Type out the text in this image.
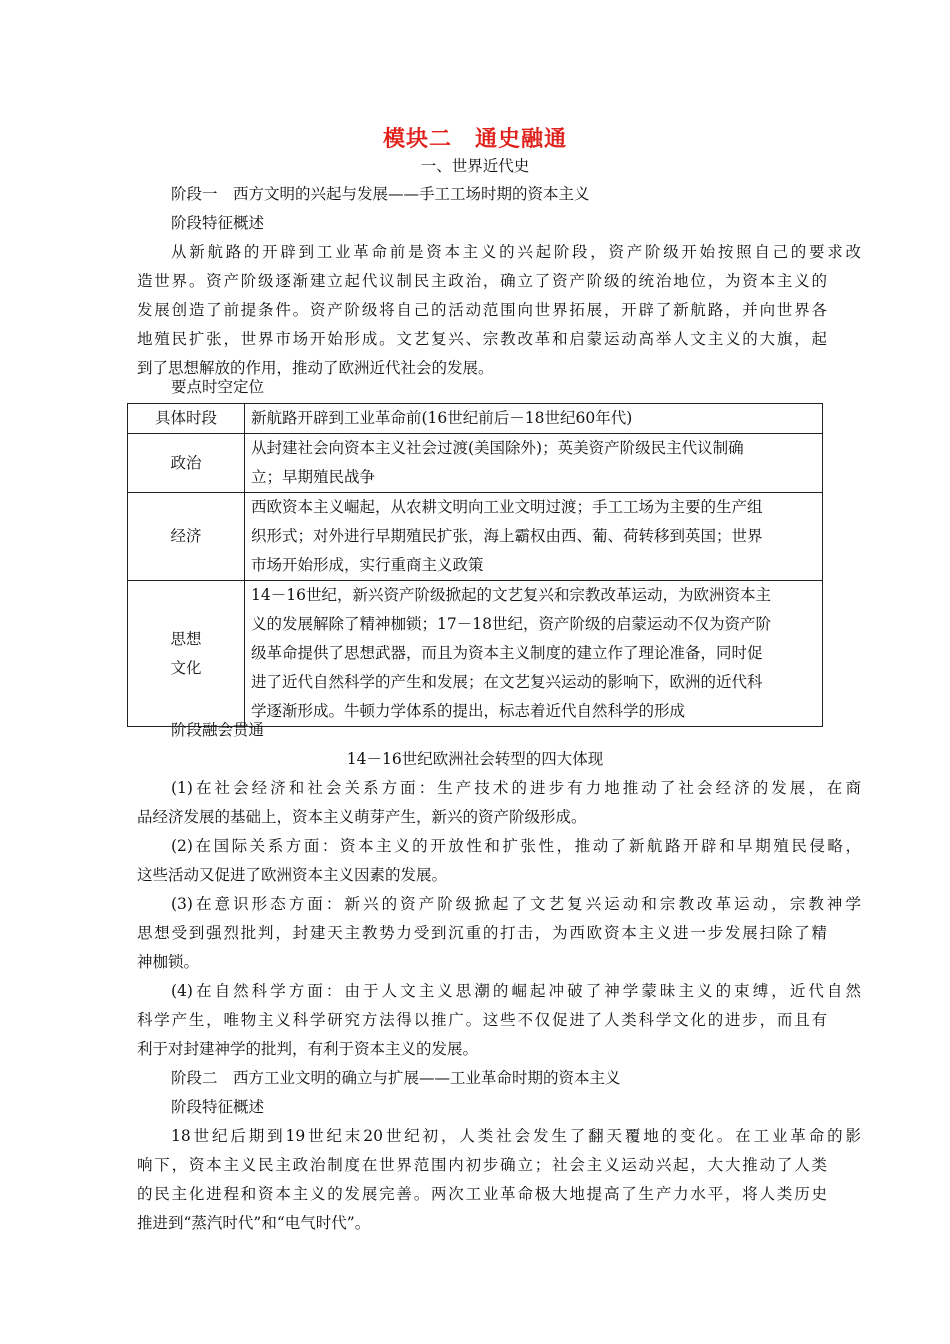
模块二　通史融通
一、世界近代史
阶段一　西方文明的兴起与发展——手工工场时期的资本主义
阶段特征概述
从新航路的开辟到工业革命前是资本主义的兴起阶段，资产阶级开始按照自己的要求改
造世界。资产阶级逐渐建立起代议制民主政治，确立了资产阶级的统治地位，为资本主义的
发展创造了前提条件。资产阶级将自己的活动范围向世界拓展，开辟了新航路，并向世界各
地殖民扩张，世界市场开始形成。文艺复兴、宗教改革和启蒙运动高举人文主义的大旗，起
到了思想解放的作用，推动了欧洲近代社会的发展。
要点时空定位
具体时段	新航路开辟到工业革命前(16世纪前后－18世纪60年代)

政治	从封建社会向资本主义社会过渡(美国除外)；英美资产阶级民主代议制确
立；早期殖民战争

经济	西欧资本主义崛起，从农耕文明向工业文明过渡；手工工场为主要的生产组
织形式；对外进行早期殖民扩张，海上霸权由西、葡、荷转移到英国；世界
市场开始形成，实行重商主义政策

思想
文化	14－16世纪，新兴资产阶级掀起的文艺复兴和宗教改革运动，为欧洲资本主
义的发展解除了精神枷锁；17－18世纪，资产阶级的启蒙运动不仅为资产阶
级革命提供了思想武器，而且为资本主义制度的建立作了理论准备，同时促
进了近代自然科学的产生和发展；在文艺复兴运动的影响下，欧洲的近代科
学逐渐形成。牛顿力学体系的提出，标志着近代自然科学的形成
阶段融会贯通
14－16世纪欧洲社会转型的四大体现
(1)在社会经济和社会关系方面：生产技术的进步有力地推动了社会经济的发展，在商
品经济发展的基础上，资本主义萌芽产生，新兴的资产阶级形成。
(2)在国际关系方面：资本主义的开放性和扩张性，推动了新航路开辟和早期殖民侵略，
这些活动又促进了欧洲资本主义因素的发展。
(3)在意识形态方面：新兴的资产阶级掀起了文艺复兴运动和宗教改革运动，宗教神学
思想受到强烈批判，封建天主教势力受到沉重的打击，为西欧资本主义进一步发展扫除了精
神枷锁。
(4)在自然科学方面：由于人文主义思潮的崛起冲破了神学蒙昧主义的束缚，近代自然
科学产生，唯物主义科学研究方法得以推广。这些不仅促进了人类科学文化的进步，而且有
利于对封建神学的批判，有利于资本主义的发展。
阶段二　西方工业文明的确立与扩展——工业革命时期的资本主义
阶段特征概述
18世纪后期到19世纪末20世纪初，人类社会发生了翻天覆地的变化。在工业革命的影
响下，资本主义民主政治制度在世界范围内初步确立；社会主义运动兴起，大大推动了人类
的民主化进程和资本主义的发展完善。两次工业革命极大地提高了生产力水平，将人类历史
推进到“蒸汽时代”和“电气时代”。
